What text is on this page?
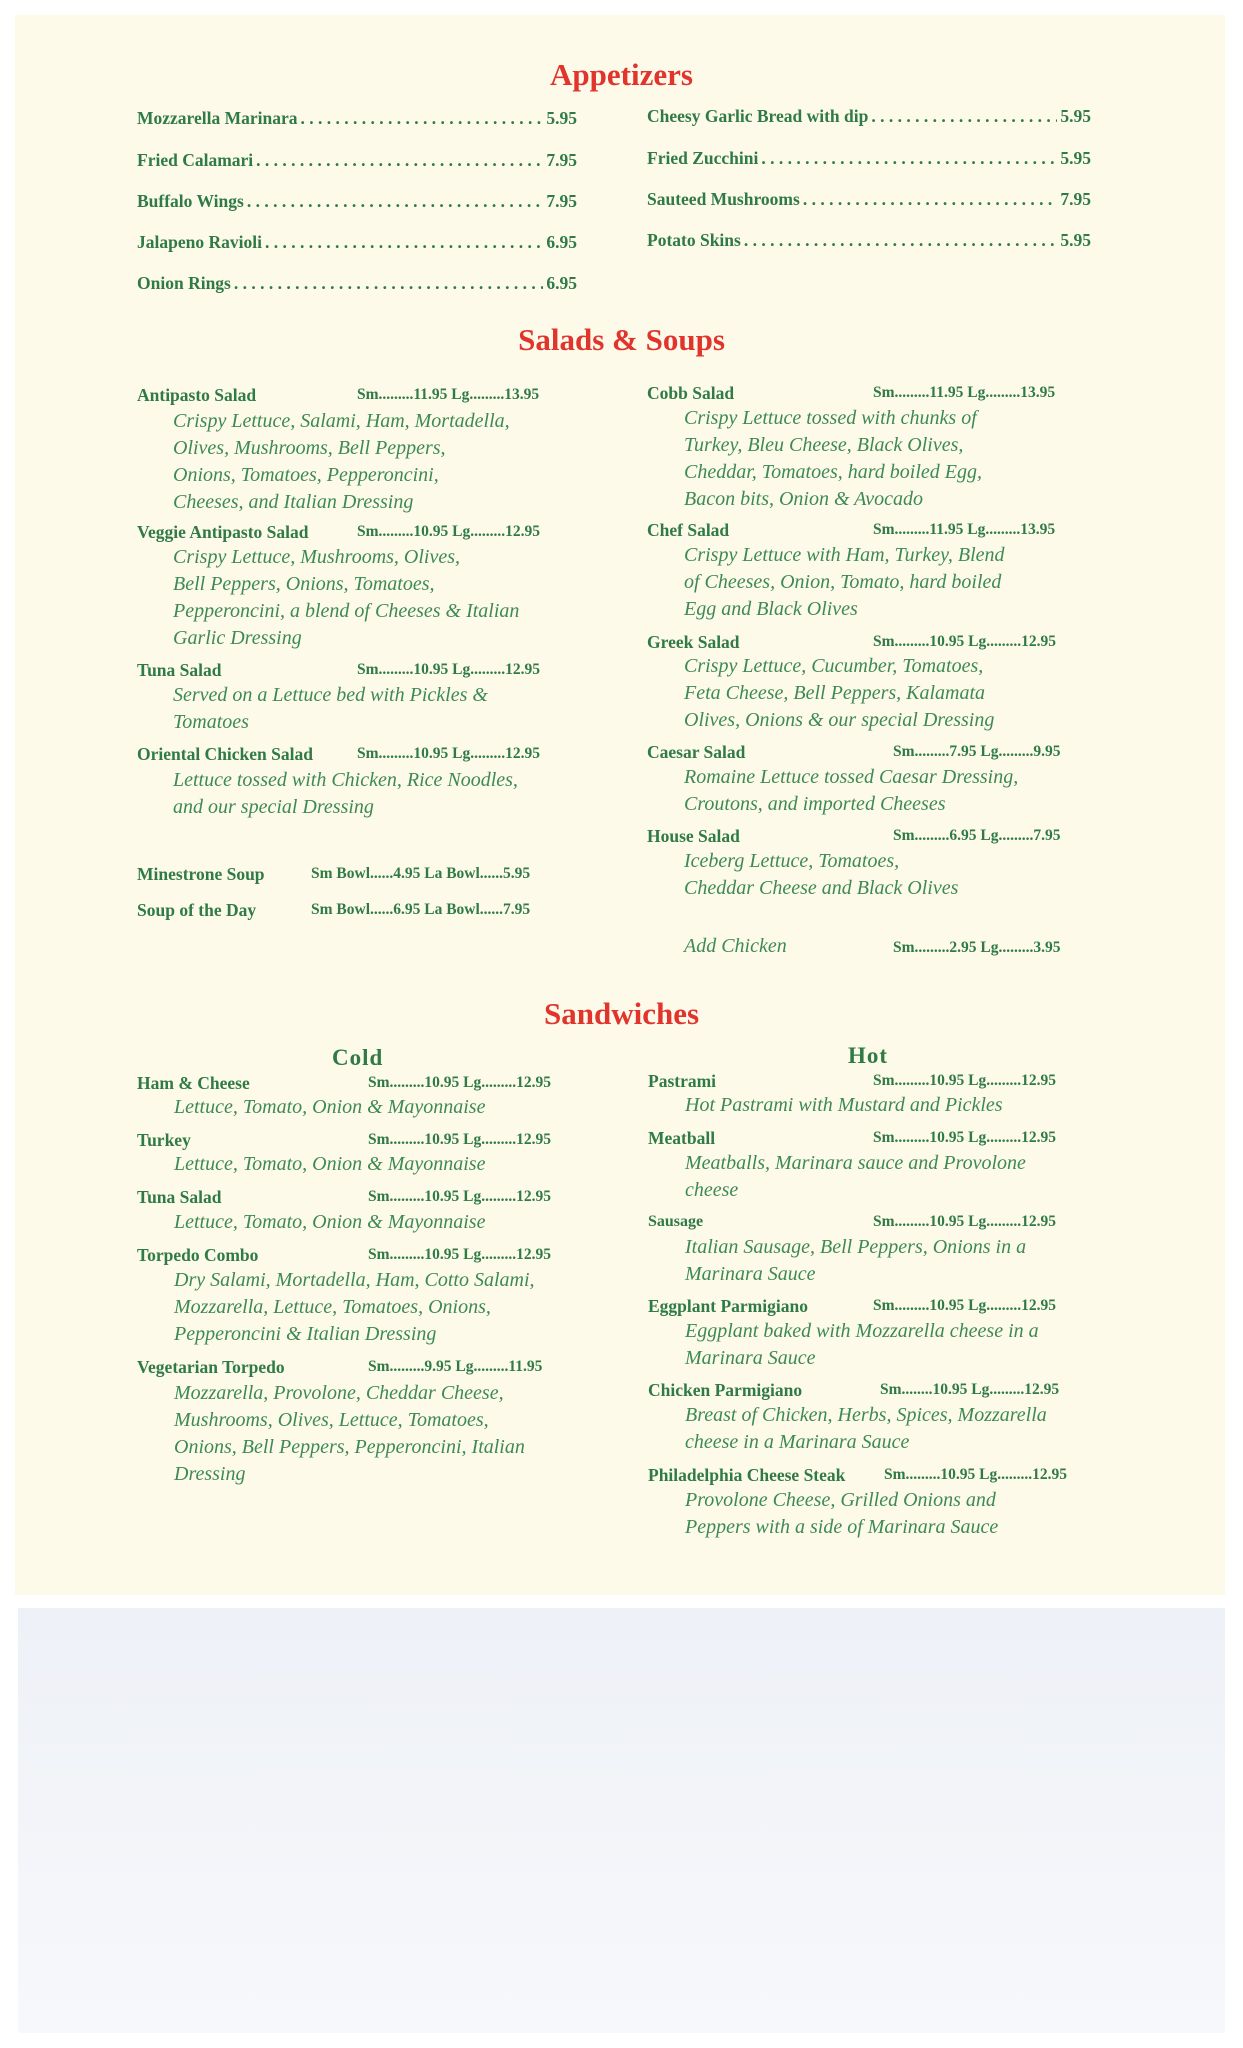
Appetizers
Mozzarella Marinara . . .	5.95
Fried Calamari . . .	7.95
Buffalo Wings . . .	7.95
Jalapeno Ravioli . . .	6.95
Onion Rings . . .	6.95
Cheesy Garlic Bread with dip . . .	5.95
Fried Zucchini . . .	5.95
Sauteed Mushrooms . . .	7.95
Potato Skins . . .	5.95
Salads & Soups
Antipasto Salad	Sm.........11.95 Lg.........13.95
Crispy Lettuce, Salami, Ham, Mortadella,
Olives, Mushrooms, Bell Peppers,
Onions, Tomatoes, Pepperoncini,
Cheeses, and Italian Dressing
Veggie Antipasto Salad	Sm.........10.95 Lg.........12.95
Crispy Lettuce, Mushrooms, Olives,
Bell Peppers, Onions, Tomatoes,
Pepperoncini, a blend of Cheeses & Italian
Garlic Dressing
Tuna Salad	Sm.........10.95 Lg.........12.95
Served on a Lettuce bed with Pickles &
Tomatoes
Oriental Chicken Salad	Sm.........10.95 Lg.........12.95
Lettuce tossed with Chicken, Rice Noodles,
and our special Dressing
Minestrone Soup	Sm Bowl......4.95 La Bowl......5.95
Soup of the Day	Sm Bowl......6.95 La Bowl......7.95
Cobb Salad	Sm.........11.95 Lg.........13.95
Crispy Lettuce tossed with chunks of
Turkey, Bleu Cheese, Black Olives,
Cheddar, Tomatoes, hard boiled Egg,
Bacon bits, Onion & Avocado
Chef Salad	Sm.........11.95 Lg.........13.95
Crispy Lettuce with Ham, Turkey, Blend
of Cheeses, Onion, Tomato, hard boiled
Egg and Black Olives
Greek Salad	Sm.........10.95 Lg.........12.95
Crispy Lettuce, Cucumber, Tomatoes,
Feta Cheese, Bell Peppers, Kalamata
Olives, Onions & our special Dressing
Caesar Salad	Sm.........7.95 Lg.........9.95
Romaine Lettuce tossed Caesar Dressing,
Croutons, and imported Cheeses
House Salad	Sm.........6.95 Lg.........7.95
Iceberg Lettuce, Tomatoes,
Cheddar Cheese and Black Olives
Add Chicken	Sm.........2.95 Lg.........3.95
Sandwiches
Cold	Hot
Ham & Cheese	Sm.........10.95 Lg.........12.95
Lettuce, Tomato, Onion & Mayonnaise
Turkey	Sm.........10.95 Lg.........12.95
Lettuce, Tomato, Onion & Mayonnaise
Tuna Salad	Sm.........10.95 Lg.........12.95
Lettuce, Tomato, Onion & Mayonnaise
Torpedo Combo	Sm.........10.95 Lg.........12.95
Dry Salami, Mortadella, Ham, Cotto Salami,
Mozzarella, Lettuce, Tomatoes, Onions,
Pepperoncini & Italian Dressing
Vegetarian Torpedo	Sm.........9.95 Lg.........11.95
Mozzarella, Provolone, Cheddar Cheese,
Mushrooms, Olives, Lettuce, Tomatoes,
Onions, Bell Peppers, Pepperoncini, Italian
Dressing
Pastrami	Sm.........10.95 Lg.........12.95
Hot Pastrami with Mustard and Pickles
Meatball	Sm.........10.95 Lg.........12.95
Meatballs, Marinara sauce and Provolone
cheese
Sausage	Sm.........10.95 Lg.........12.95
Italian Sausage, Bell Peppers, Onions in a
Marinara Sauce
Eggplant Parmigiano	Sm.........10.95 Lg.........12.95
Eggplant baked with Mozzarella cheese in a
Marinara Sauce
Chicken Parmigiano	Sm........10.95 Lg.........12.95
Breast of Chicken, Herbs, Spices, Mozzarella
cheese in a Marinara Sauce
Philadelphia Cheese Steak Sm.........10.95 Lg.........12.95
Provolone Cheese, Grilled Onions and
Peppers with a side of Marinara Sauce
